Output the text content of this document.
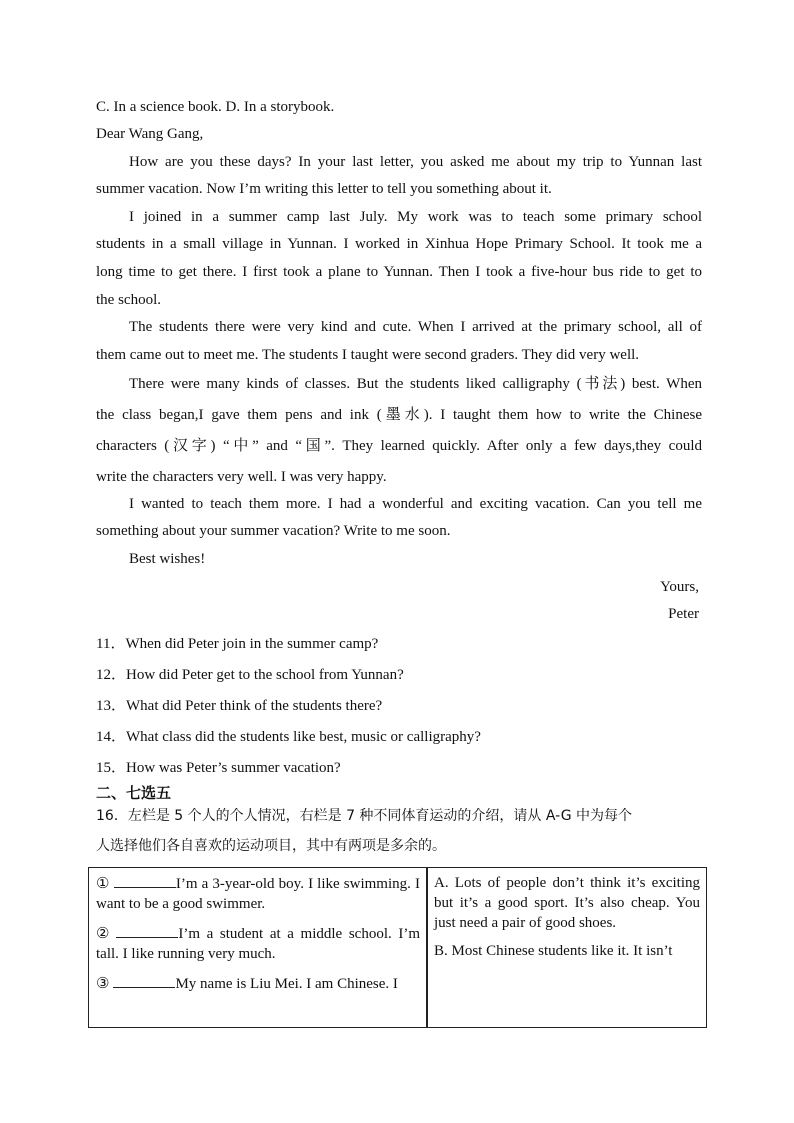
C. In a science book. D. In a storybook.
Dear Wang Gang,
How are you these days? In your last letter, you asked me about my trip to Yunnan last
summer vacation. Now I’m writing this letter to tell you something about it.
I joined in a summer camp last July. My work was to teach some primary school
students in a small village in Yunnan. I worked in Xinhua Hope Primary School. It took me a
long time to get there. I first took a plane to Yunnan. Then I took a five-hour bus ride to get to
the school.
The students there were very kind and cute. When I arrived at the primary school, all of
them came out to meet me. The students I taught were second graders. They did very well.
There were many kinds of classes. But the students liked calligraphy (书法) best. When
the class began,I gave them pens and ink (墨水). I taught them how to write the Chinese
characters (汉字) “中” and “国”. They learned quickly. After only a few days,they could
write the characters very well. I was very happy.
I wanted to teach them more. I had a wonderful and exciting vacation. Can you tell me
something about your summer vacation? Write to me soon.
Best wishes!
Yours,
Peter
11．When did Peter join in the summer camp?
12．How did Peter get to the school from Yunnan?
13．What did Peter think of the students there?
14．What class did the students like best, music or calligraphy?
15．How was Peter’s summer vacation?
二、七选五
16．左栏是 5 个人的个人情况，右栏是 7 种不同体育运动的介绍，请从 A-G 中为每个
人选择他们各自喜欢的运动项目，其中有两项是多余的。
①	I’m a 3-year-old boy. I like swimming. I want to be a good swimmer.
②	I’m a student at a middle school. I’m tall. I like running very much.
③	My name is Liu Mei. I am Chinese. I
A. Lots of people don’t think it’s exciting but it’s a good sport. It’s also cheap. You just need a pair of good shoes.
B. Most Chinese students like it. It isn’t
